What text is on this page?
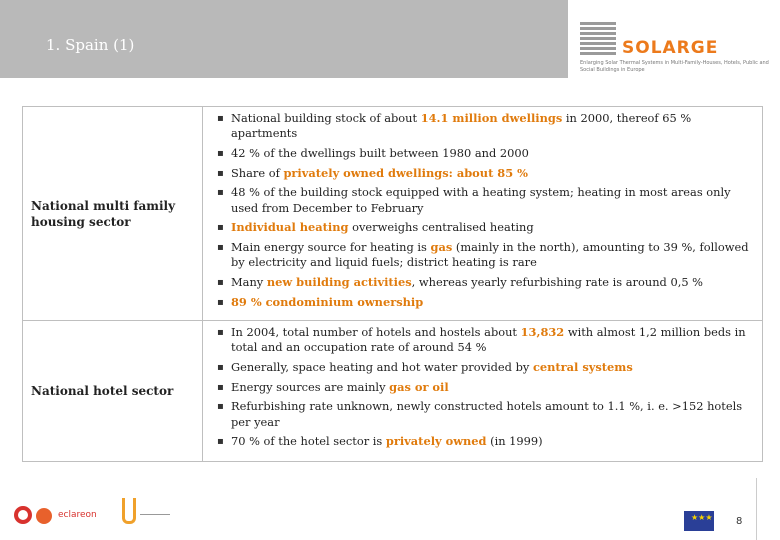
1. Spain (1)	SOLARGE
Enlarging Solar Thermal Systems in Multi-Family-Houses, Hotels, Public and Social Buildings in Europe
National multi family housing sector
▪ National building stock of about 14.1 million dwellings in 2000, thereof 65 % apartments
▪ 42 % of the dwellings built between 1980 and 2000
▪ Share of privately owned dwellings: about 85 %
▪ 48 % of the building stock equipped with a heating system; heating in most areas only used from December to February
▪ Individual heating overweighs centralised heating
▪ Main energy source for heating is gas (mainly in the north), amounting to 39 %, followed by electricity and liquid fuels; district heating is rare
▪ Many new building activities, whereas yearly refurbishing rate is around 0,5 %
▪ 89 % condominium ownership
National hotel sector
▪ In 2004, total number of hotels and hostels about 13,832 with almost 1,2 million beds in total and an occupation rate of around 54 %
▪ Generally, space heating and hot water provided by central systems
▪ Energy sources are mainly gas or oil
▪ Refurbishing rate unknown, newly constructed hotels amount to 1.1 %, i. e. >152 hotels per year
▪ 70 % of the hotel sector is privately owned (in 1999)
eclareon	★★★ 8
